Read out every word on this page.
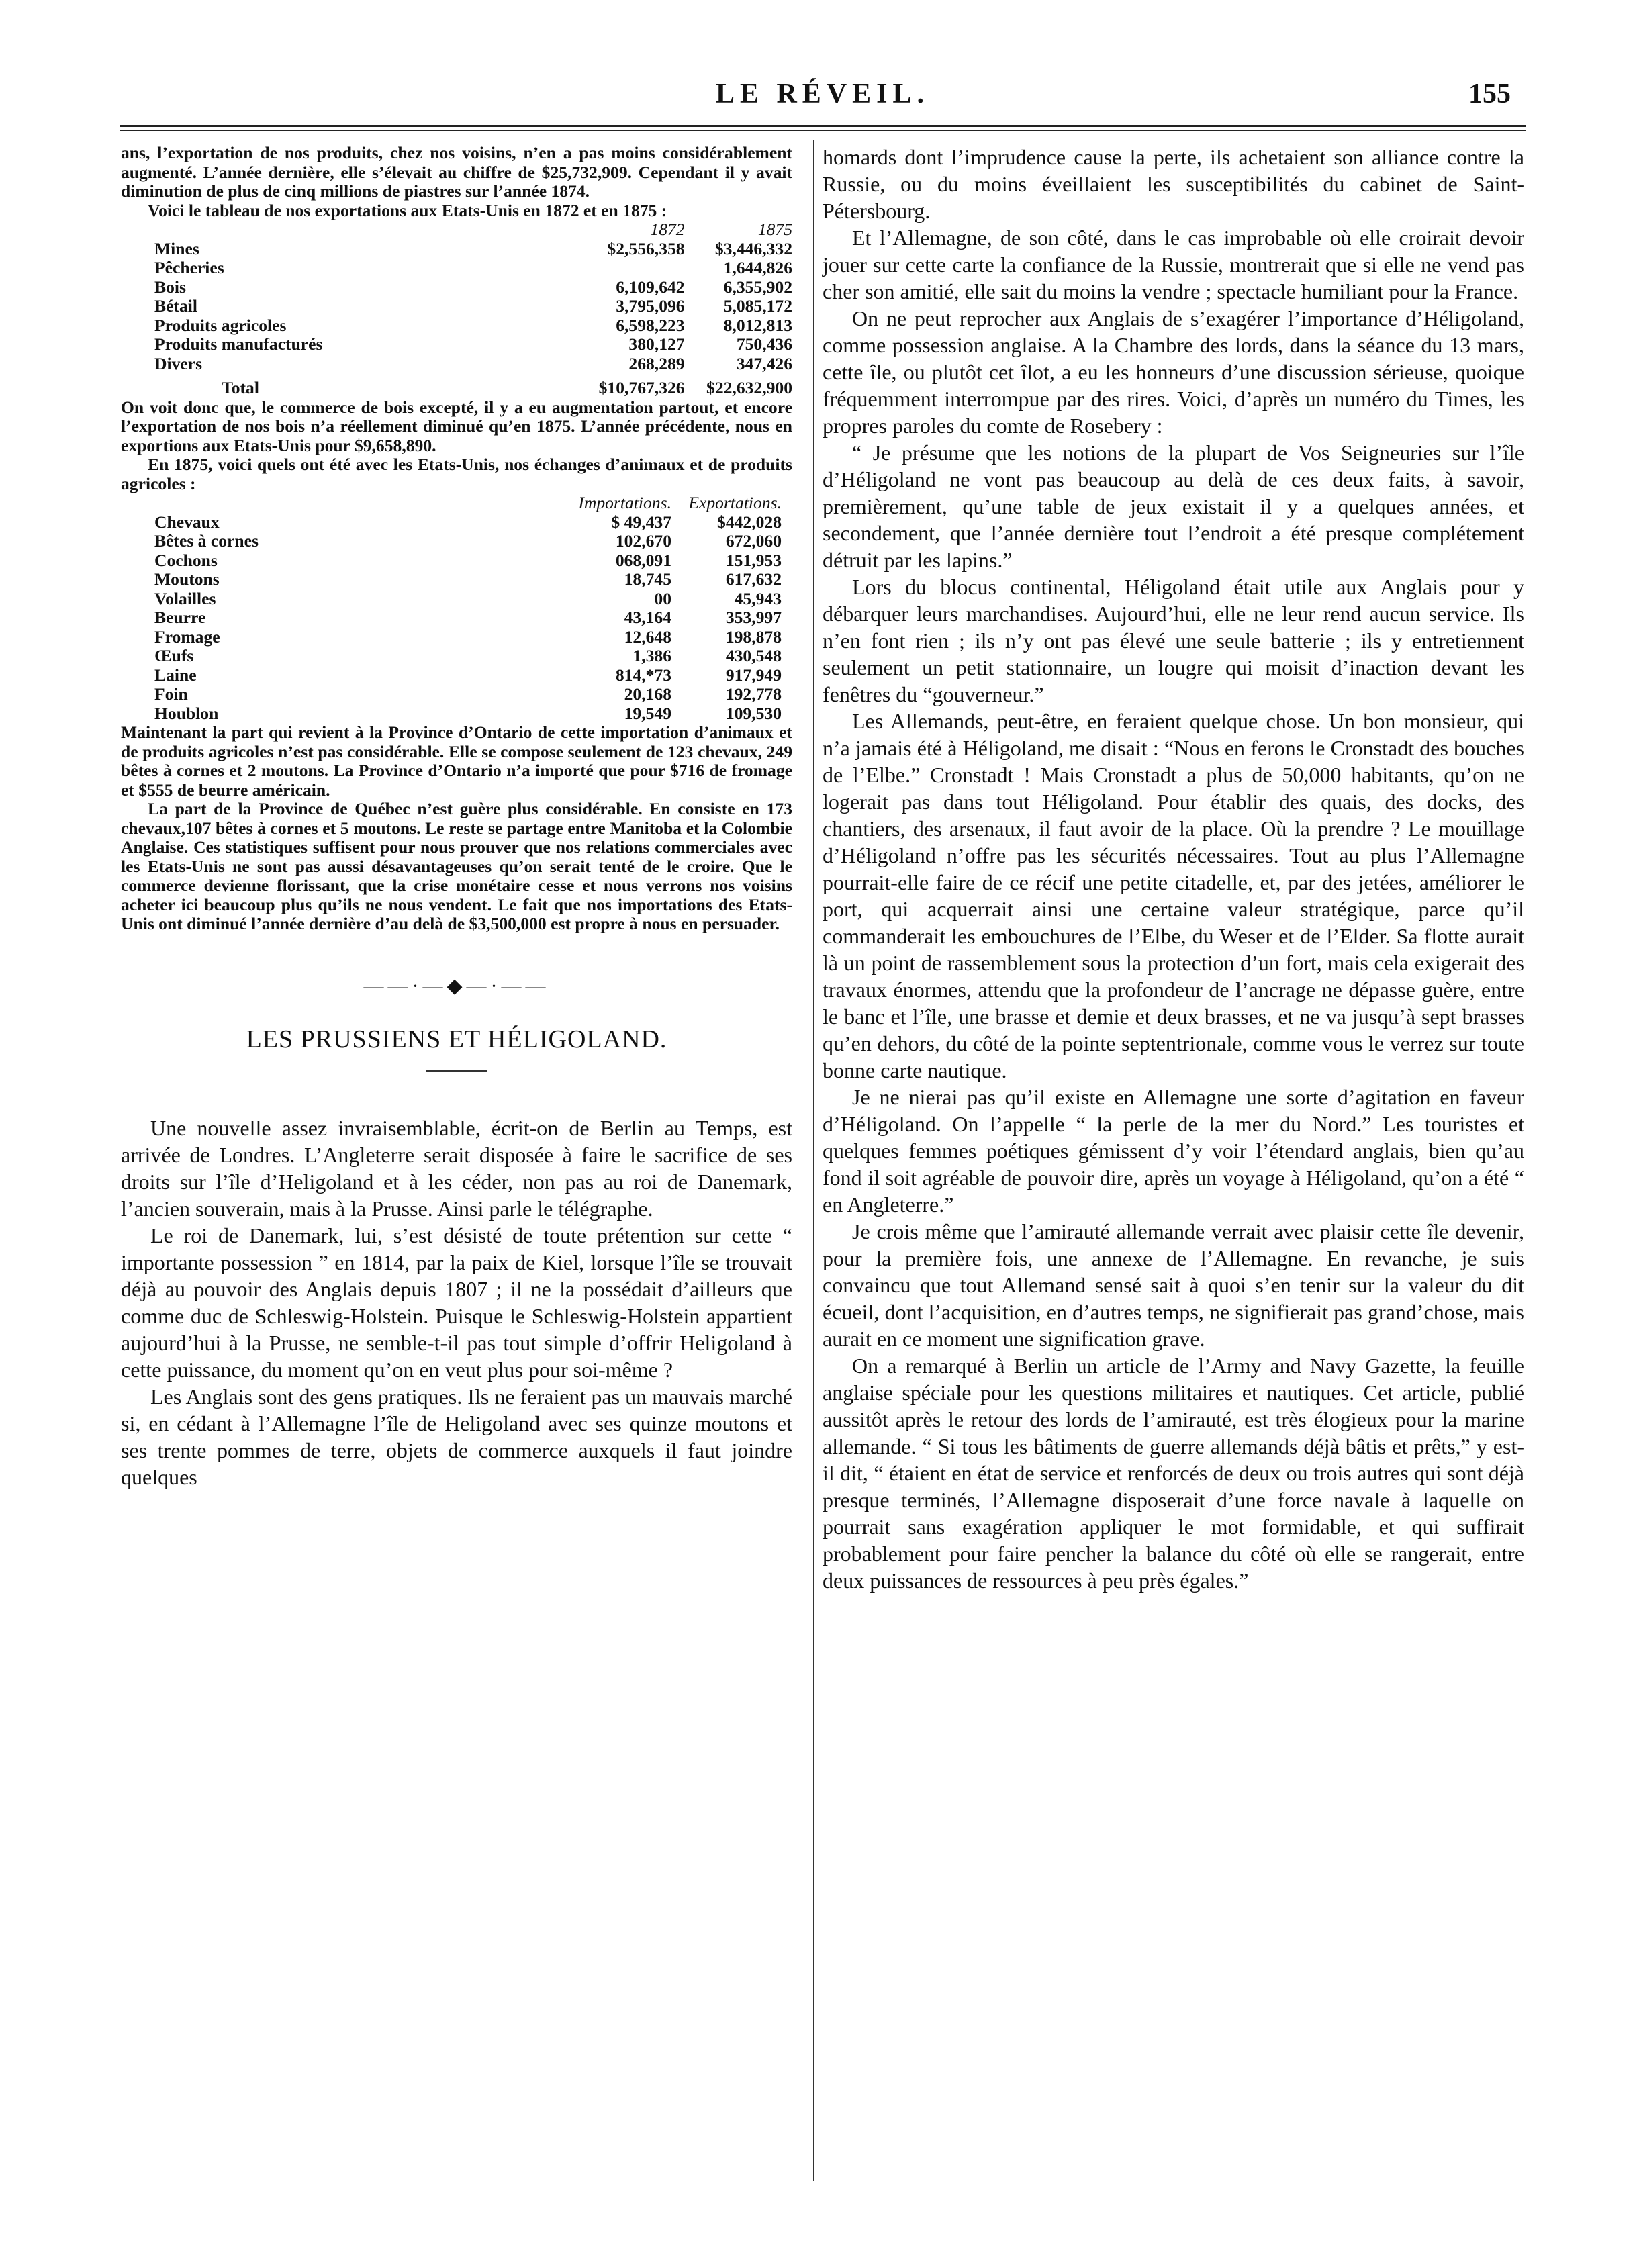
LE RÉVEIL.	155

ans, l’exportation de nos produits, chez nos voisins, n’en a pas moins considérablement augmenté. L’année dernière, elle s’élevait au chiffre de $25,732,909. Cependant il y avait diminution de plus de cinq millions de piastres sur l’année 1874.

Voici le tableau de nos exportations aux Etats-Unis en 1872 et en 1875 :

	1872	1875
Mines	$2,556,358	$3,446,332
Pêcheries		1,644,826
Bois	6,109,642	6,355,902
Bétail	3,795,096	5,085,172
Produits agricoles	6,598,223	8,012,813
Produits manufacturés	380,127	750,436
Divers	268,289	347,426
Total	$10,767,326	$22,632,900

On voit donc que, le commerce de bois excepté, il y a eu augmentation partout, et encore l’exportation de nos bois n’a réellement diminué qu’en 1875. L’année précédente, nous en exportions aux Etats-Unis pour $9,658,890.

En 1875, voici quels ont été avec les Etats-Unis, nos échanges d’animaux et de produits agricoles :

	Importations.	Exportations.
Chevaux	$ 49,437	$442,028
Bêtes à cornes	102,670	672,060
Cochons	068,091	151,953
Moutons	18,745	617,632
Volailles	00	45,943
Beurre	43,164	353,997
Fromage	12,648	198,878
Œufs	1,386	430,548
Laine	814,*73	917,949
Foin	20,168	192,778
Houblon	19,549	109,530

Maintenant la part qui revient à la Province d’Ontario de cette importation d’animaux et de produits agricoles n’est pas considérable. Elle se compose seulement de 123 chevaux, 249 bêtes à cornes et 2 moutons. La Province d’Ontario n’a importé que pour $716 de fromage et $555 de beurre américain.

La part de la Province de Québec n’est guère plus considérable. En consiste en 173 chevaux,107 bêtes à cornes et 5 moutons. Le reste se partage entre Manitoba et la Colombie Anglaise. Ces statistiques suffisent pour nous prouver que nos relations commerciales avec les Etats-Unis ne sont pas aussi désavantageuses qu’on serait tenté de le croire. Que le commerce devienne florissant, que la crise monétaire cesse et nous verrons nos voisins acheter ici beaucoup plus qu’ils ne nous vendent. Le fait que nos importations des Etats-Unis ont diminué l’année dernière d’au delà de $3,500,000 est propre à nous en persuader.

——·—◆—·——
LES PRUSSIENS ET HÉLIGOLAND.

Une nouvelle assez invraisemblable, écrit-on de Berlin au Temps, est arrivée de Londres. L’Angleterre serait disposée à faire le sacrifice de ses droits sur l’île d’Heligoland et à les céder, non pas au roi de Danemark, l’ancien souverain, mais à la Prusse. Ainsi parle le télégraphe.

Le roi de Danemark, lui, s’est désisté de toute prétention sur cette “ importante possession ” en 1814, par la paix de Kiel, lorsque l’île se trouvait déjà au pouvoir des Anglais depuis 1807 ; il ne la possédait d’ailleurs que comme duc de Schleswig-Holstein. Puisque le Schleswig-Holstein appartient aujourd’hui à la Prusse, ne semble-t-il pas tout simple d’offrir Heligoland à cette puissance, du moment qu’on en veut plus pour soi-même ?

Les Anglais sont des gens pratiques. Ils ne feraient pas un mauvais marché si, en cédant à l’Allemagne l’île de Heligoland avec ses quinze moutons et ses trente pommes de terre, objets de commerce auxquels il faut joindre quelques

homards dont l’imprudence cause la perte, ils achetaient son alliance contre la Russie, ou du moins éveillaient les susceptibilités du cabinet de Saint-Pétersbourg.

Et l’Allemagne, de son côté, dans le cas improbable où elle croirait devoir jouer sur cette carte la confiance de la Russie, montrerait que si elle ne vend pas cher son amitié, elle sait du moins la vendre ; spectacle humiliant pour la France.

On ne peut reprocher aux Anglais de s’exagérer l’importance d’Héligoland, comme possession anglaise. A la Chambre des lords, dans la séance du 13 mars, cette île, ou plutôt cet îlot, a eu les honneurs d’une discussion sérieuse, quoique fréquemment interrompue par des rires. Voici, d’après un numéro du Times, les propres paroles du comte de Rosebery :

“ Je présume que les notions de la plupart de Vos Seigneuries sur l’île d’Héligoland ne vont pas beaucoup au delà de ces deux faits, à savoir, premièrement, qu’une table de jeux existait il y a quelques années, et secondement, que l’année dernière tout l’endroit a été presque complétement détruit par les lapins.”

Lors du blocus continental, Héligoland était utile aux Anglais pour y débarquer leurs marchandises. Aujourd’hui, elle ne leur rend aucun service. Ils n’en font rien ; ils n’y ont pas élevé une seule batterie ; ils y entretiennent seulement un petit stationnaire, un lougre qui moisit d’inaction devant les fenêtres du “gouverneur.”

Les Allemands, peut-être, en feraient quelque chose. Un bon monsieur, qui n’a jamais été à Héligoland, me disait : “Nous en ferons le Cronstadt des bouches de l’Elbe.” Cronstadt ! Mais Cronstadt a plus de 50,000 habitants, qu’on ne logerait pas dans tout Héligoland. Pour établir des quais, des docks, des chantiers, des arsenaux, il faut avoir de la place. Où la prendre ? Le mouillage d’Héligoland n’offre pas les sécurités nécessaires. Tout au plus l’Allemagne pourrait-elle faire de ce récif une petite citadelle, et, par des jetées, améliorer le port, qui acquerrait ainsi une certaine valeur stratégique, parce qu’il commanderait les embouchures de l’Elbe, du Weser et de l’Elder. Sa flotte aurait là un point de rassemblement sous la protection d’un fort, mais cela exigerait des travaux énormes, attendu que la profondeur de l’ancrage ne dépasse guère, entre le banc et l’île, une brasse et demie et deux brasses, et ne va jusqu’à sept brasses qu’en dehors, du côté de la pointe septentrionale, comme vous le verrez sur toute bonne carte nautique.

Je ne nierai pas qu’il existe en Allemagne une sorte d’agitation en faveur d’Héligoland. On l’appelle “ la perle de la mer du Nord.” Les touristes et quelques femmes poétiques gémissent d’y voir l’étendard anglais, bien qu’au fond il soit agréable de pouvoir dire, après un voyage à Héligoland, qu’on a été “ en Angleterre.”

Je crois même que l’amirauté allemande verrait avec plaisir cette île devenir, pour la première fois, une annexe de l’Allemagne. En revanche, je suis convaincu que tout Allemand sensé sait à quoi s’en tenir sur la valeur du dit écueil, dont l’acquisition, en d’autres temps, ne signifierait pas grand’chose, mais aurait en ce moment une signification grave.

On a remarqué à Berlin un article de l’Army and Navy Gazette, la feuille anglaise spéciale pour les questions militaires et nautiques. Cet article, publié aussitôt après le retour des lords de l’amirauté, est très élogieux pour la marine allemande. “ Si tous les bâtiments de guerre allemands déjà bâtis et prêts,” y est-il dit, “ étaient en état de service et renforcés de deux ou trois autres qui sont déjà presque terminés, l’Allemagne disposerait d’une force navale à laquelle on pourrait sans exagération appliquer le mot formidable, et qui suffirait probablement pour faire pencher la balance du côté où elle se rangerait, entre deux puissances de ressources à peu près égales.”
